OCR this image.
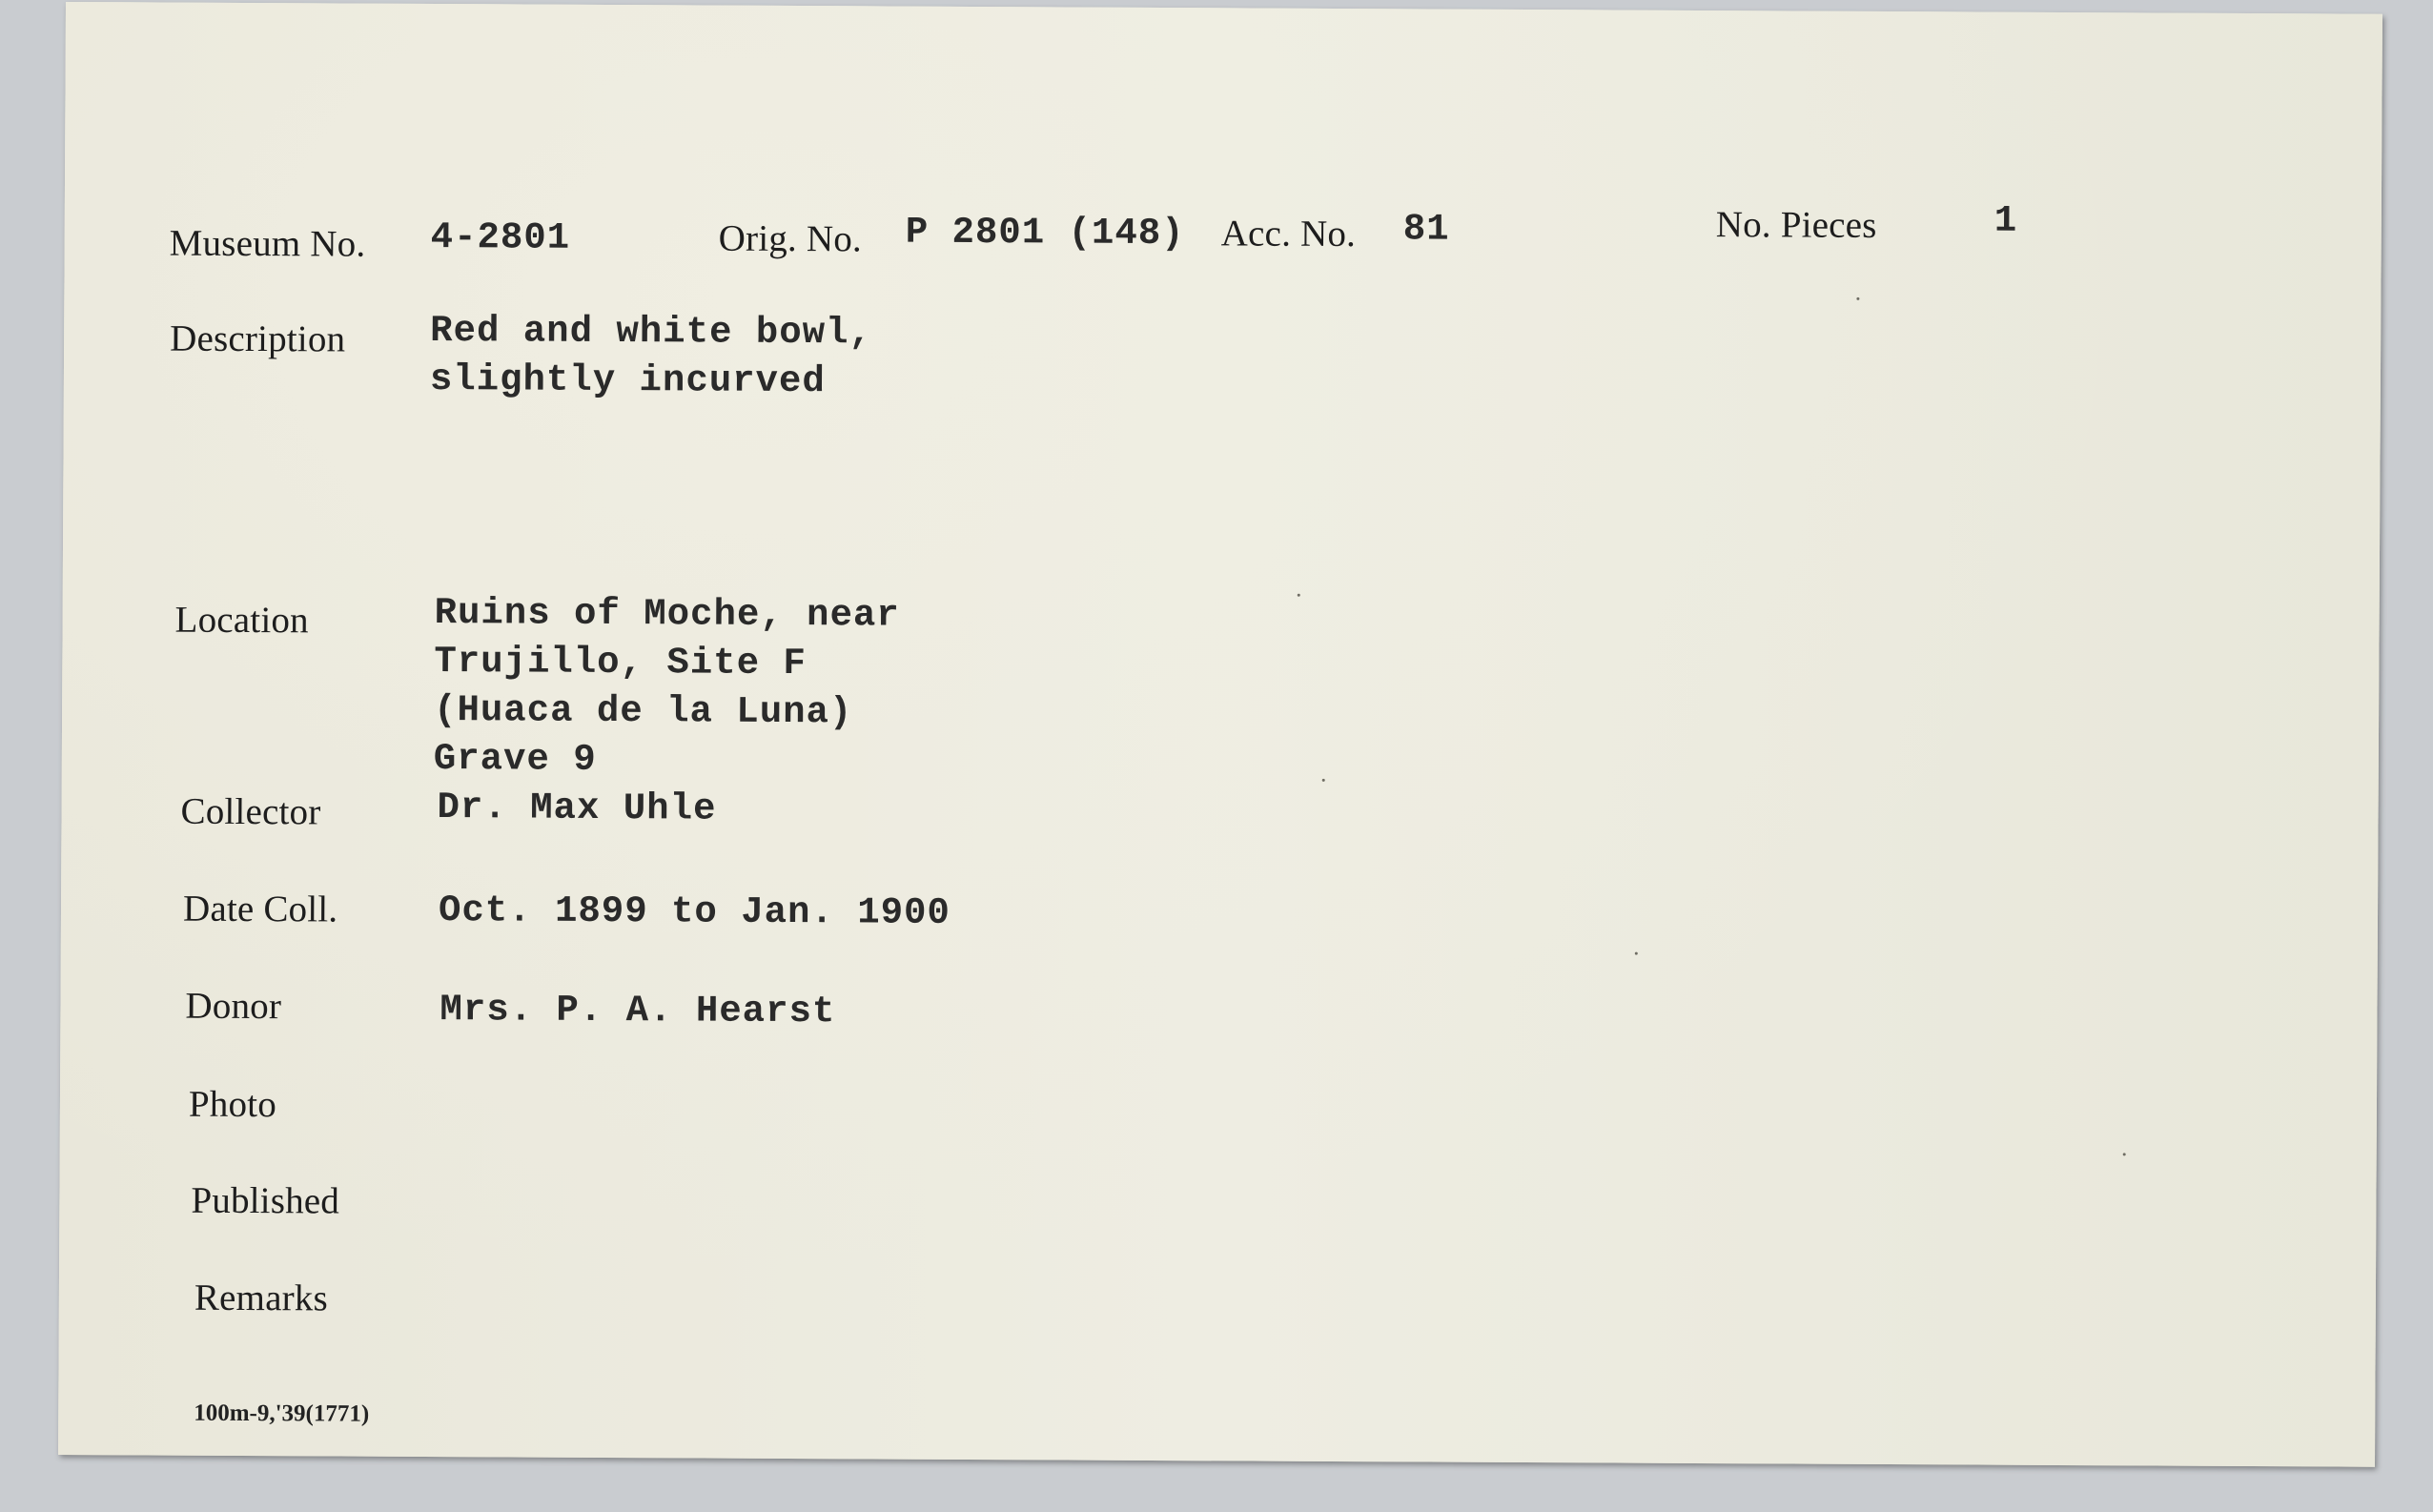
Museum No. 4-2801	Orig. No. P 2801 (148) Acc. No. 81	No. Pieces	1
Description Red and white bowl,
slightly incurved
Location	Ruins of Moche, near
Trujillo, Site F
(Huaca de la Luna)
Grave 9
Collector	Dr. Max Uhle
Date Coll.	Oct. 1899 to Jan. 1900
Donor	Mrs. P. A. Hearst
Photo
Published
Remarks
100m-9,'39(1771)
